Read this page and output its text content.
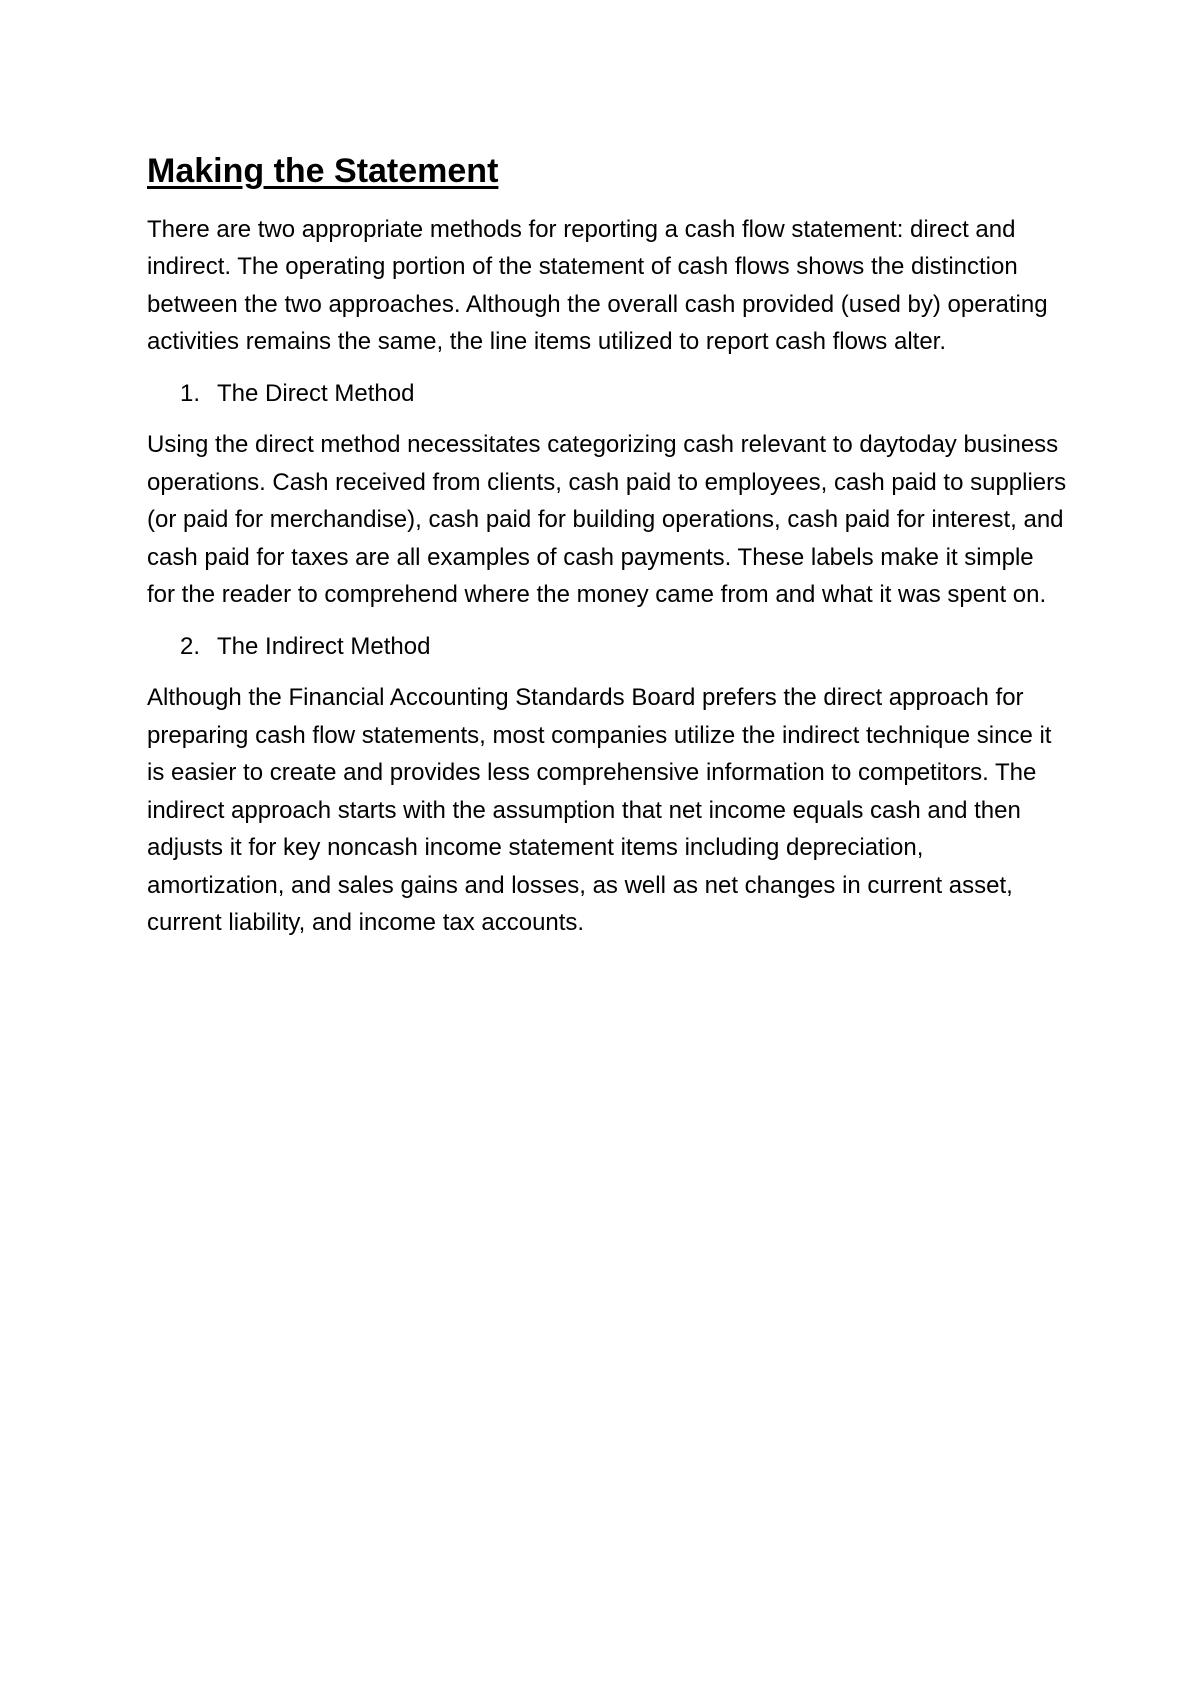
Making the Statement

There are two appropriate methods for reporting a cash flow statement: direct and indirect. The operating portion of the statement of cash flows shows the distinction between the two approaches. Although the overall cash provided (used by) operating activities remains the same, the line items utilized to report cash flows alter.

1. The Direct Method

Using the direct method necessitates categorizing cash relevant to daytoday business operations. Cash received from clients, cash paid to employees, cash paid to suppliers (or paid for merchandise), cash paid for building operations, cash paid for interest, and cash paid for taxes are all examples of cash payments. These labels make it simple for the reader to comprehend where the money came from and what it was spent on.

2. The Indirect Method

Although the Financial Accounting Standards Board prefers the direct approach for preparing cash flow statements, most companies utilize the indirect technique since it is easier to create and provides less comprehensive information to competitors. The indirect approach starts with the assumption that net income equals cash and then adjusts it for key noncash income statement items including depreciation, amortization, and sales gains and losses, as well as net changes in current asset, current liability, and income tax accounts.
